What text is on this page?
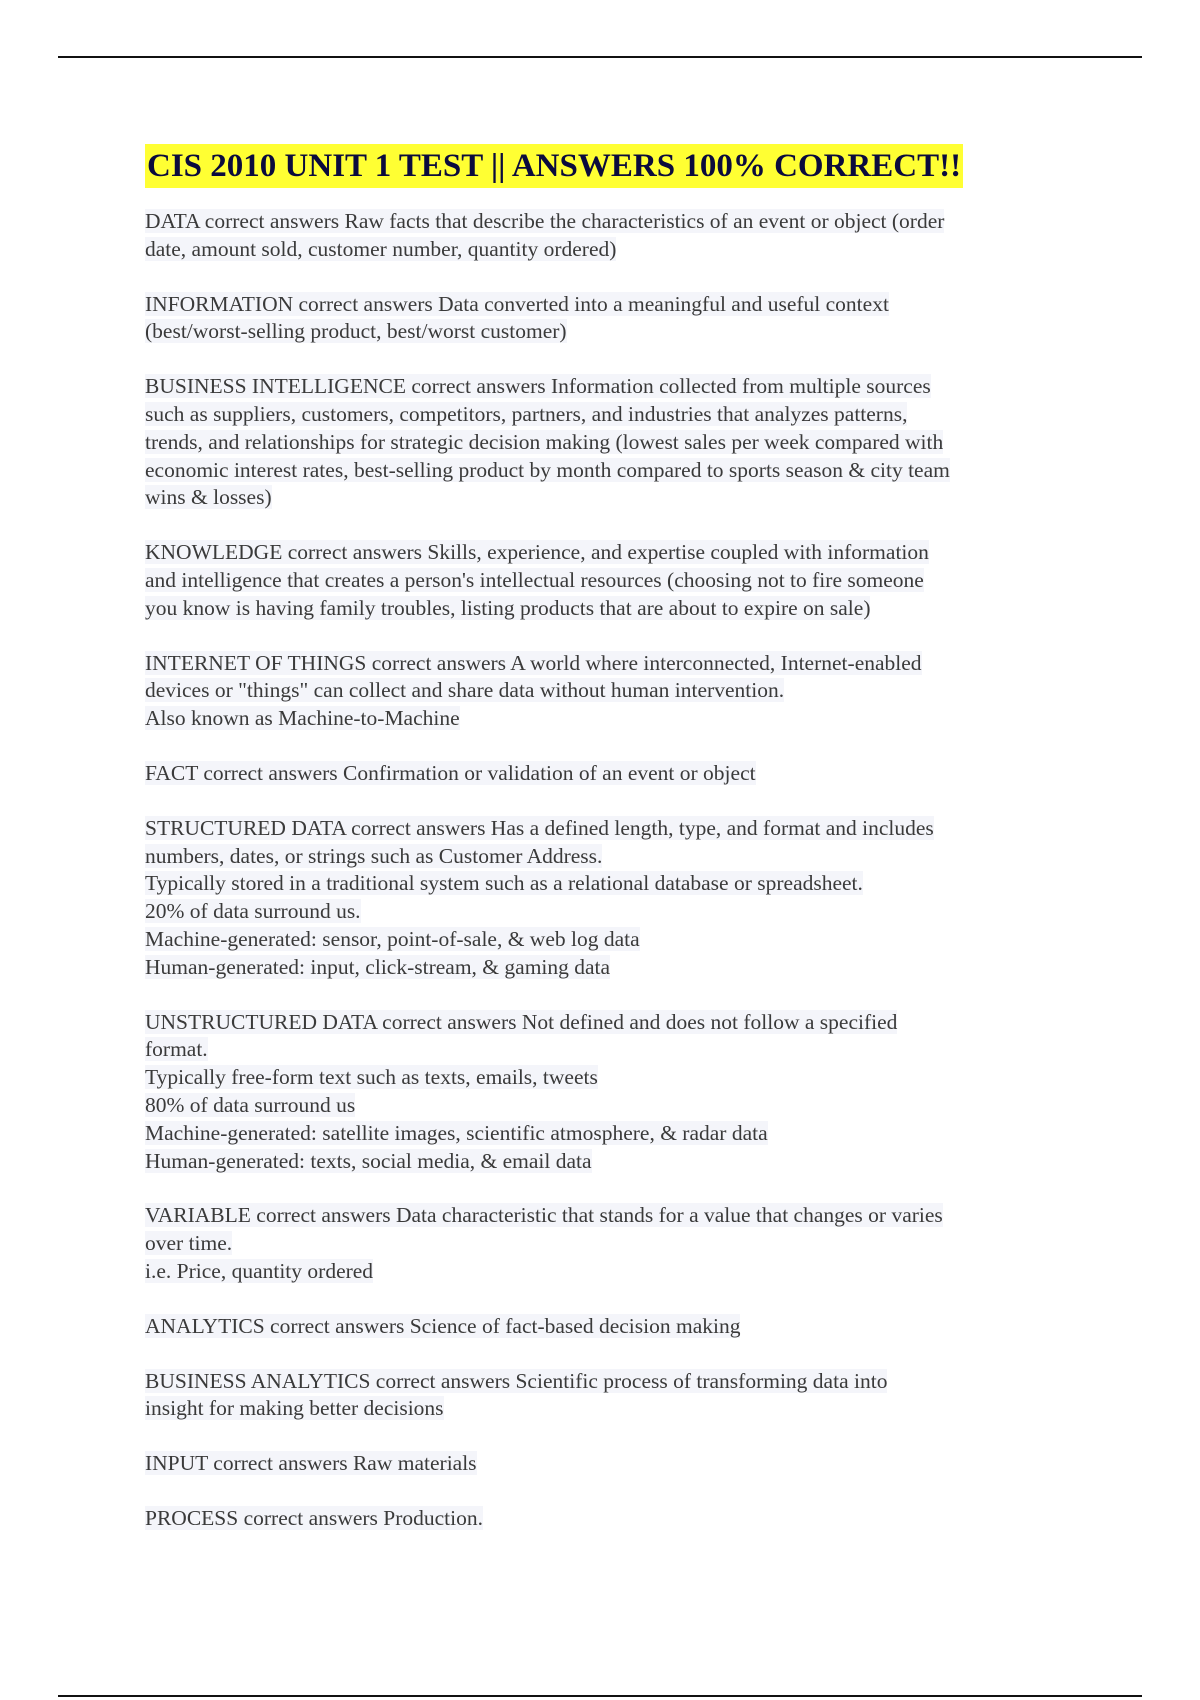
CIS 2010 UNIT 1 TEST || ANSWERS 100% CORRECT!!
DATA correct answers Raw facts that describe the characteristics of an event or object (order
date, amount sold, customer number, quantity ordered)
INFORMATION correct answers Data converted into a meaningful and useful context
(best/worst-selling product, best/worst customer)
BUSINESS INTELLIGENCE correct answers Information collected from multiple sources
such as suppliers, customers, competitors, partners, and industries that analyzes patterns,
trends, and relationships for strategic decision making (lowest sales per week compared with
economic interest rates, best-selling product by month compared to sports season & city team
wins & losses)
KNOWLEDGE correct answers Skills, experience, and expertise coupled with information
and intelligence that creates a person's intellectual resources (choosing not to fire someone
you know is having family troubles, listing products that are about to expire on sale)
INTERNET OF THINGS correct answers A world where interconnected, Internet-enabled
devices or "things" can collect and share data without human intervention.
Also known as Machine-to-Machine
FACT correct answers Confirmation or validation of an event or object
STRUCTURED DATA correct answers Has a defined length, type, and format and includes
numbers, dates, or strings such as Customer Address.
Typically stored in a traditional system such as a relational database or spreadsheet.
20% of data surround us.
Machine-generated: sensor, point-of-sale, & web log data
Human-generated: input, click-stream, & gaming data
UNSTRUCTURED DATA correct answers Not defined and does not follow a specified
format.
Typically free-form text such as texts, emails, tweets
80% of data surround us
Machine-generated: satellite images, scientific atmosphere, & radar data
Human-generated: texts, social media, & email data
VARIABLE correct answers Data characteristic that stands for a value that changes or varies
over time.
i.e. Price, quantity ordered
ANALYTICS correct answers Science of fact-based decision making
BUSINESS ANALYTICS correct answers Scientific process of transforming data into
insight for making better decisions
INPUT correct answers Raw materials
PROCESS correct answers Production.
